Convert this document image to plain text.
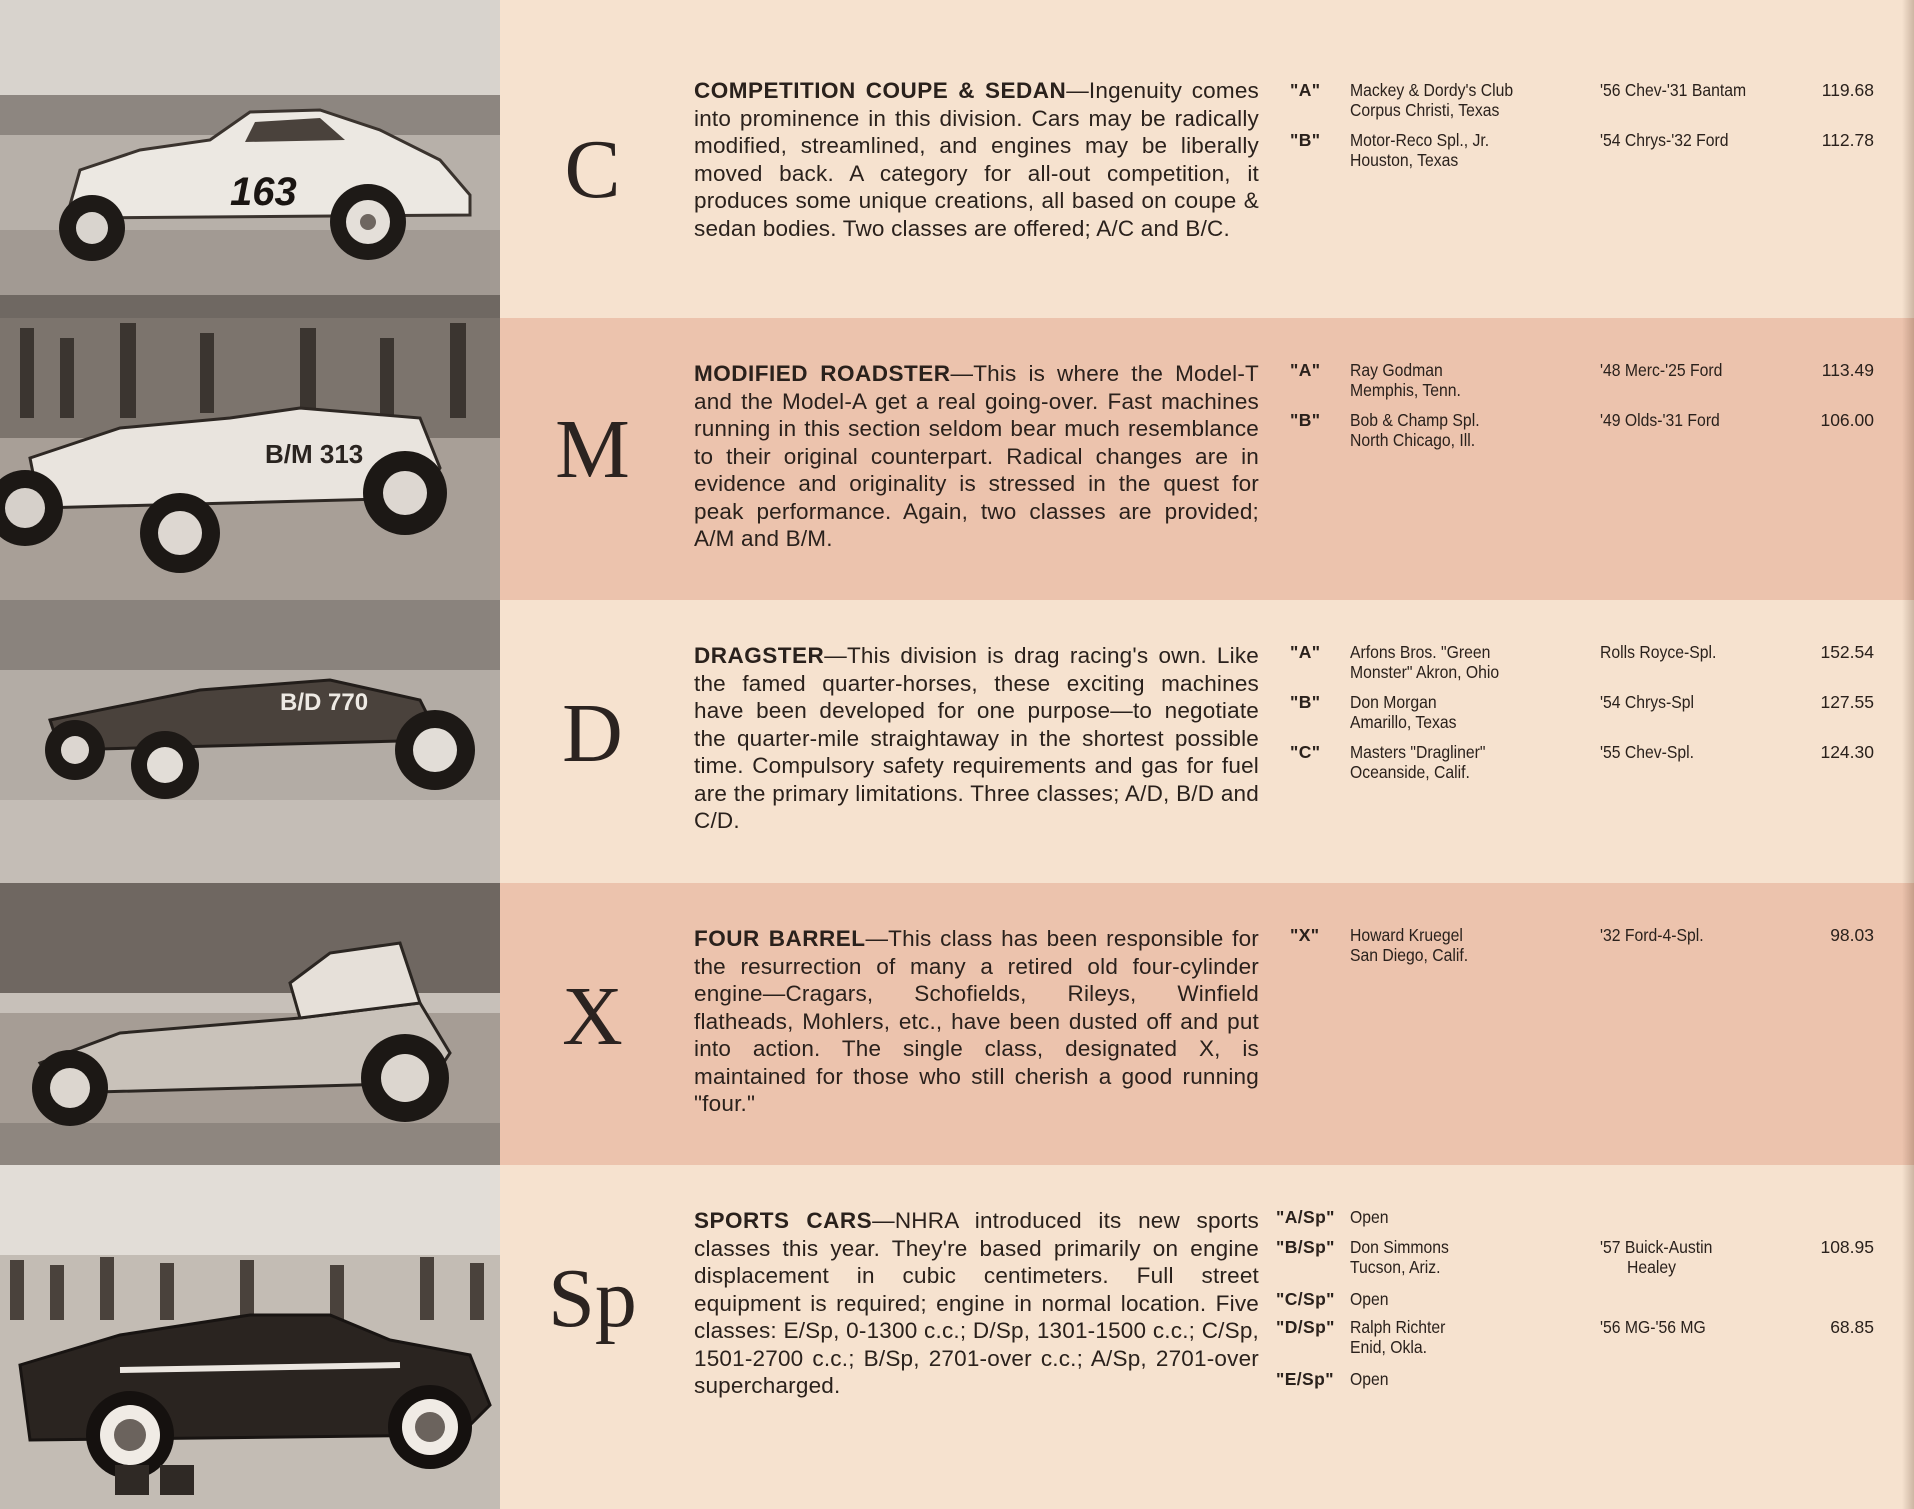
163	C
COMPETITION COUPE & SEDAN—Ingenuity comes into prominence in this division. Cars may be radically modified, streamlined, and engines may be liberally moved back. A category for all-out competition, it produces some unique creations, all based on coupe & sedan bodies. Two classes are offered; A/C and B/C.
"A"	Mackey & Dordy's Club
Corpus Christi, Texas
'56 Chev-'31 Bantam	119.68
"B"	Motor-Reco Spl., Jr.
Houston, Texas
'54 Chrys-'32 Ford	112.78
B/M 313	M
MODIFIED ROADSTER—This is where the Model-T and the Model-A get a real going-over. Fast machines running in this section seldom bear much resemblance to their original counterpart. Radical changes are in evidence and originality is stressed in the quest for peak performance. Again, two classes are provided; A/M and B/M.
"A"	Ray Godman
Memphis, Tenn.
'48 Merc-'25 Ford	113.49
"B"	Bob & Champ Spl.
North Chicago, Ill.
'49 Olds-'31 Ford	106.00
B/D 770	D
DRAGSTER—This division is drag racing's own. Like the famed quarter-horses, these exciting machines have been developed for one purpose—to negotiate the quarter-mile straightaway in the shortest possible time. Compulsory safety requirements and gas for fuel are the primary limitations. Three classes; A/D, B/D and C/D.
"A"	Arfons Bros. "Green
Monster" Akron, Ohio
Rolls Royce-Spl.	152.54
"B"	Don Morgan
Amarillo, Texas
'54 Chrys-Spl	127.55
"C"	Masters "Dragliner"
Oceanside, Calif.
'55 Chev-Spl.	124.30
X
FOUR BARREL—This class has been responsible for the resurrection of many a retired old four-cylinder engine—Cragars, Schofields, Rileys, Winfield flatheads, Mohlers, etc., have been dusted off and put into action. The single class, designated X, is maintained for those who still cherish a good running "four."
"X"	Howard Kruegel
San Diego, Calif.
'32 Ford-4-Spl.	98.03
Sp
SPORTS CARS—NHRA introduced its new sports classes this year. They're based primarily on engine displacement in cubic centimeters. Full street equipment is required; engine in normal location. Five classes: E/Sp, 0-1300 c.c.; D/Sp, 1301-1500 c.c.; C/Sp, 1501-2700 c.c.; B/Sp, 2701-over c.c.; A/Sp, 2701-over supercharged.
"A/Sp" Open
"B/Sp" Don Simmons
Tucson, Ariz.
'57 Buick-Austin
Healey
108.95
"C/Sp" Open
"D/Sp" Ralph Richter
Enid, Okla.
'56 MG-'56 MG	68.85
"E/Sp" Open
